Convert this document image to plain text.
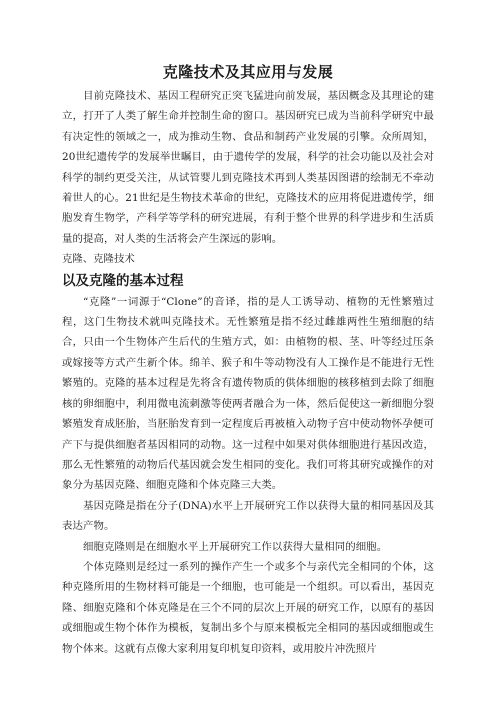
克隆技术及其应用与发展

目前克隆技术、基因工程研究正突飞猛进向前发展，基因概念及其理论的建立，打开了人类了解生命并控制生命的窗口。基因研究已成为当前科学研究中最有决定性的领域之一，成为推动生物、食品和制药产业发展的引擎。众所周知，20世纪遗传学的发展举世瞩目，由于遗传学的发展，科学的社会功能以及社会对科学的制约更受关注，从试管婴儿到克隆技术再到人类基因图谱的绘制无不牵动着世人的心。21世纪是生物技术革命的世纪，克隆技术的应用将促进遗传学，细胞发育生物学，产科学等学科的研究进展，有利于整个世界的科学进步和生活质量的提高，对人类的生活将会产生深远的影响。

克隆、克隆技术

以及克隆的基本过程

“克隆”一词源于“Clone”的音译，指的是人工诱导动、植物的无性繁殖过程，这门生物技术就叫克隆技术。无性繁殖是指不经过雌雄两性生殖细胞的结合，只由一个生物体产生后代的生殖方式，如：由植物的根、茎、叶等经过压条或嫁接等方式产生新个体。绵羊、猴子和牛等动物没有人工操作是不能进行无性繁殖的。克隆的基本过程是先将含有遗传物质的供体细胞的核移植到去除了细胞核的卵细胞中，利用微电流刺激等使两者融合为一体，然后促使这一新细胞分裂繁殖发育成胚胎，当胚胎发育到一定程度后再被植入动物子宫中使动物怀孕便可产下与提供细胞者基因相同的动物。这一过程中如果对供体细胞进行基因改造，那么无性繁殖的动物后代基因就会发生相同的变化。我们可将其研究或操作的对象分为基因克隆、细胞克隆和个体克隆三大类。

基因克隆是指在分子(DNA)水平上开展研究工作以获得大量的相同基因及其表达产物。

细胞克隆则是在细胞水平上开展研究工作以获得大量相同的细胞。

个体克隆则是经过一系列的操作产生一个或多个与亲代完全相同的个体，这种克隆所用的生物材料可能是一个细胞，也可能是一个组织。可以看出，基因克隆、细胞克隆和个体克隆是在三个不同的层次上开展的研究工作，以原有的基因或细胞或生物个体作为模板，复制出多个与原来模板完全相同的基因或细胞或生物个体来。这就有点像大家利用复印机复印资料，或用胶片冲洗照片
